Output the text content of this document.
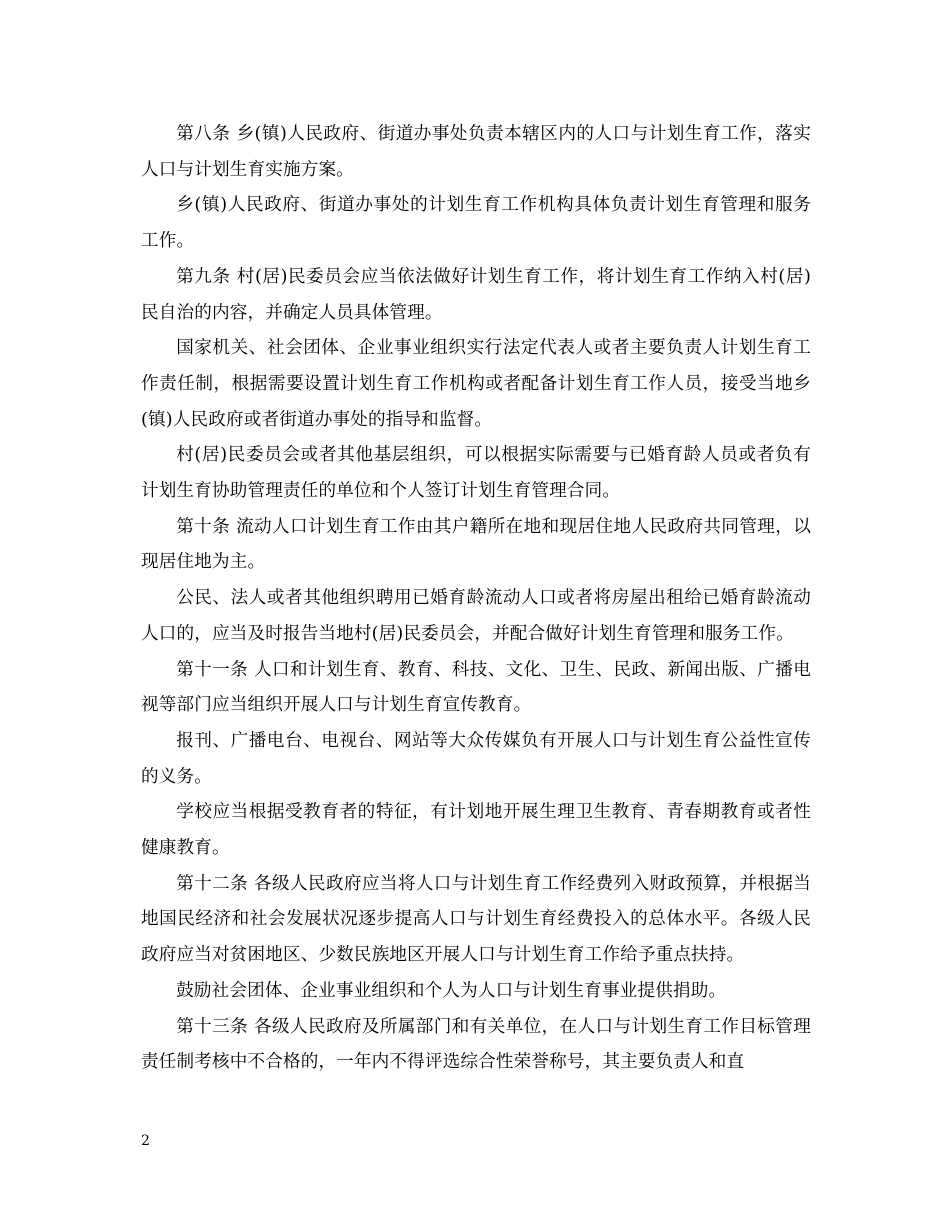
第八条 乡(镇)人民政府、街道办事处负责本辖区内的人口与计划生育工作，落实人口与计划生育实施方案。

乡(镇)人民政府、街道办事处的计划生育工作机构具体负责计划生育管理和服务工作。

第九条 村(居)民委员会应当依法做好计划生育工作，将计划生育工作纳入村(居)民自治的内容，并确定人员具体管理。

国家机关、社会团体、企业事业组织实行法定代表人或者主要负责人计划生育工作责任制，根据需要设置计划生育工作机构或者配备计划生育工作人员，接受当地乡(镇)人民政府或者街道办事处的指导和监督。

村(居)民委员会或者其他基层组织，可以根据实际需要与已婚育龄人员或者负有计划生育协助管理责任的单位和个人签订计划生育管理合同。

第十条 流动人口计划生育工作由其户籍所在地和现居住地人民政府共同管理，以现居住地为主。

公民、法人或者其他组织聘用已婚育龄流动人口或者将房屋出租给已婚育龄流动人口的，应当及时报告当地村(居)民委员会，并配合做好计划生育管理和服务工作。

第十一条 人口和计划生育、教育、科技、文化、卫生、民政、新闻出版、广播电视等部门应当组织开展人口与计划生育宣传教育。

报刊、广播电台、电视台、网站等大众传媒负有开展人口与计划生育公益性宣传的义务。

学校应当根据受教育者的特征，有计划地开展生理卫生教育、青春期教育或者性健康教育。

第十二条 各级人民政府应当将人口与计划生育工作经费列入财政预算，并根据当地国民经济和社会发展状况逐步提高人口与计划生育经费投入的总体水平。各级人民政府应当对贫困地区、少数民族地区开展人口与计划生育工作给予重点扶持。

鼓励社会团体、企业事业组织和个人为人口与计划生育事业提供捐助。

第十三条 各级人民政府及所属部门和有关单位，在人口与计划生育工作目标管理责任制考核中不合格的，一年内不得评选综合性荣誉称号，其主要负责人和直

2
